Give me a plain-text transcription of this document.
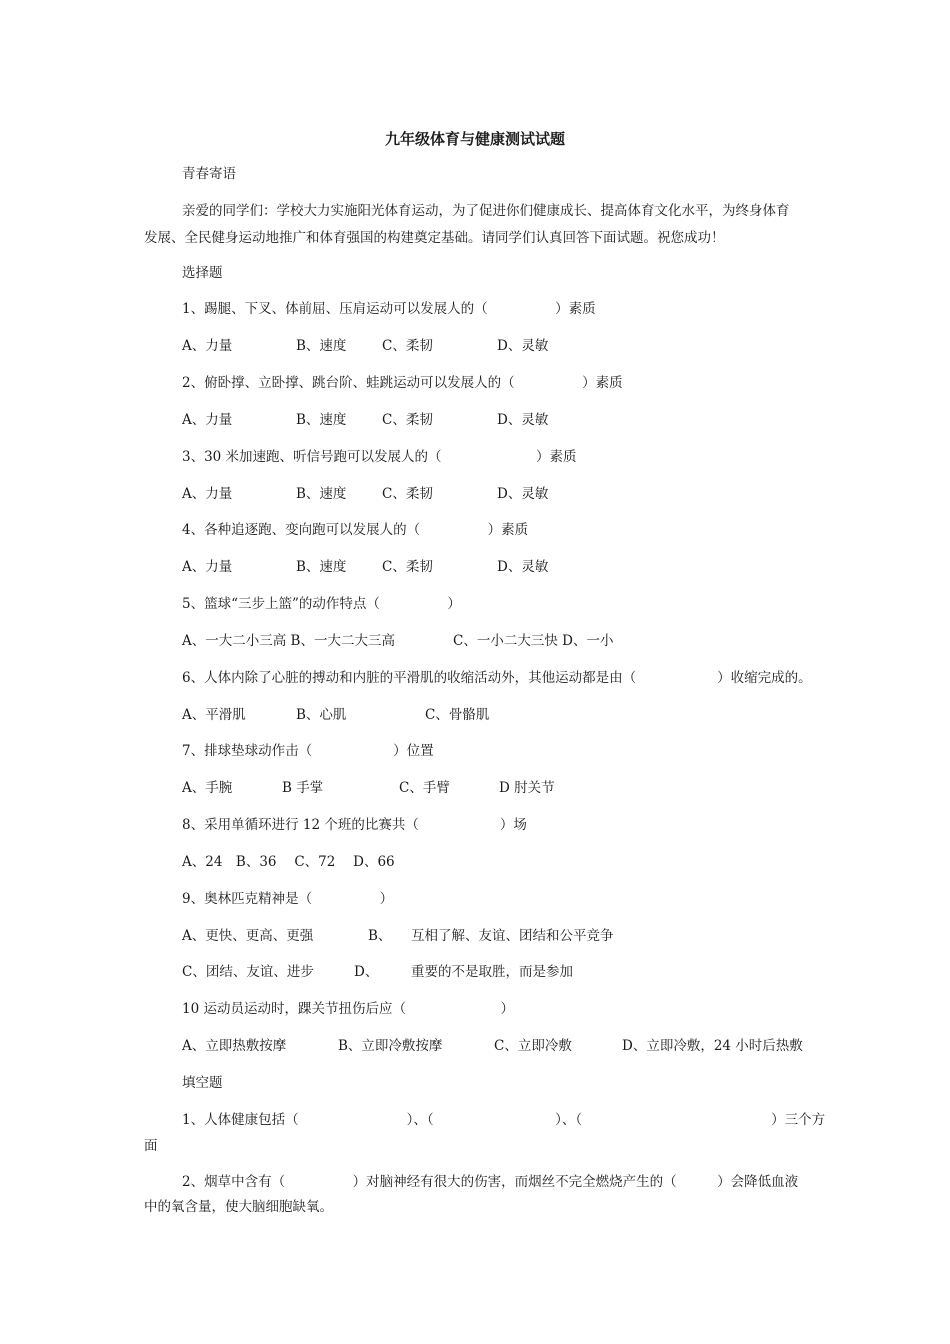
九年级体育与健康测试试题

青春寄语

亲爱的同学们：学校大力实施阳光体育运动，为了促进你们健康成长、提高体育文化水平，为终身体育

发展、全民健身运动地推广和体育强国的构建奠定基础。请同学们认真回答下面试题。祝您成功！

选择题

1、踢腿、下叉、体前屈、压肩运动可以发展人的（　　　　　）素质

A、力量	B、速度	C、柔韧	D、灵敏

2、俯卧撑、立卧撑、跳台阶、蛙跳运动可以发展人的（　　　　　）素质

A、力量	B、速度	C、柔韧	D、灵敏

3、30 米加速跑、听信号跑可以发展人的（　　　　　　　）素质

A、力量	B、速度	C、柔韧	D、灵敏

4、各种追逐跑、变向跑可以发展人的（　　　　　）素质

A、力量	B、速度	C、柔韧	D、灵敏

5、篮球“三步上篮”的动作特点（　　　　　）

A、一大二小三高 B、一大二大三高	C、一小二大三快 D、一小

6、人体内除了心脏的搏动和内脏的平滑肌的收缩活动外，其他运动都是由（　　　　　　）收缩完成的。

A、平滑肌	B、心肌	C、骨骼肌

7、排球垫球动作击（　　　　　　）位置

A、手腕	B 手掌	C、手臂	D 肘关节

8、采用单循环进行 12 个班的比赛共（　　　　　　）场

A、24　B、36　 C、72　 D、66

9、奥林匹克精神是（　　　　　）

A、更快、更高、更强	B、 互相了解、友谊、团结和公平竞争
C、团结、友谊、进步	D、 重要的不是取胜，而是参加

10 运动员运动时，踝关节扭伤后应（　　　　　　　）

A、立即热敷按摩	B、立即冷敷按摩	C、立即冷敷	D、立即冷敷，24 小时后热敷

填空题

1、人体健康包括（　　　　　　　　）、（　　　　　　　　　）、（　　　　　　　　　　　　　　）三个方

面

2、烟草中含有（　　　　　）对脑神经有很大的伤害，而烟丝不完全燃烧产生的（　　　）会降低血液

中的氧含量，使大脑细胞缺氧。
